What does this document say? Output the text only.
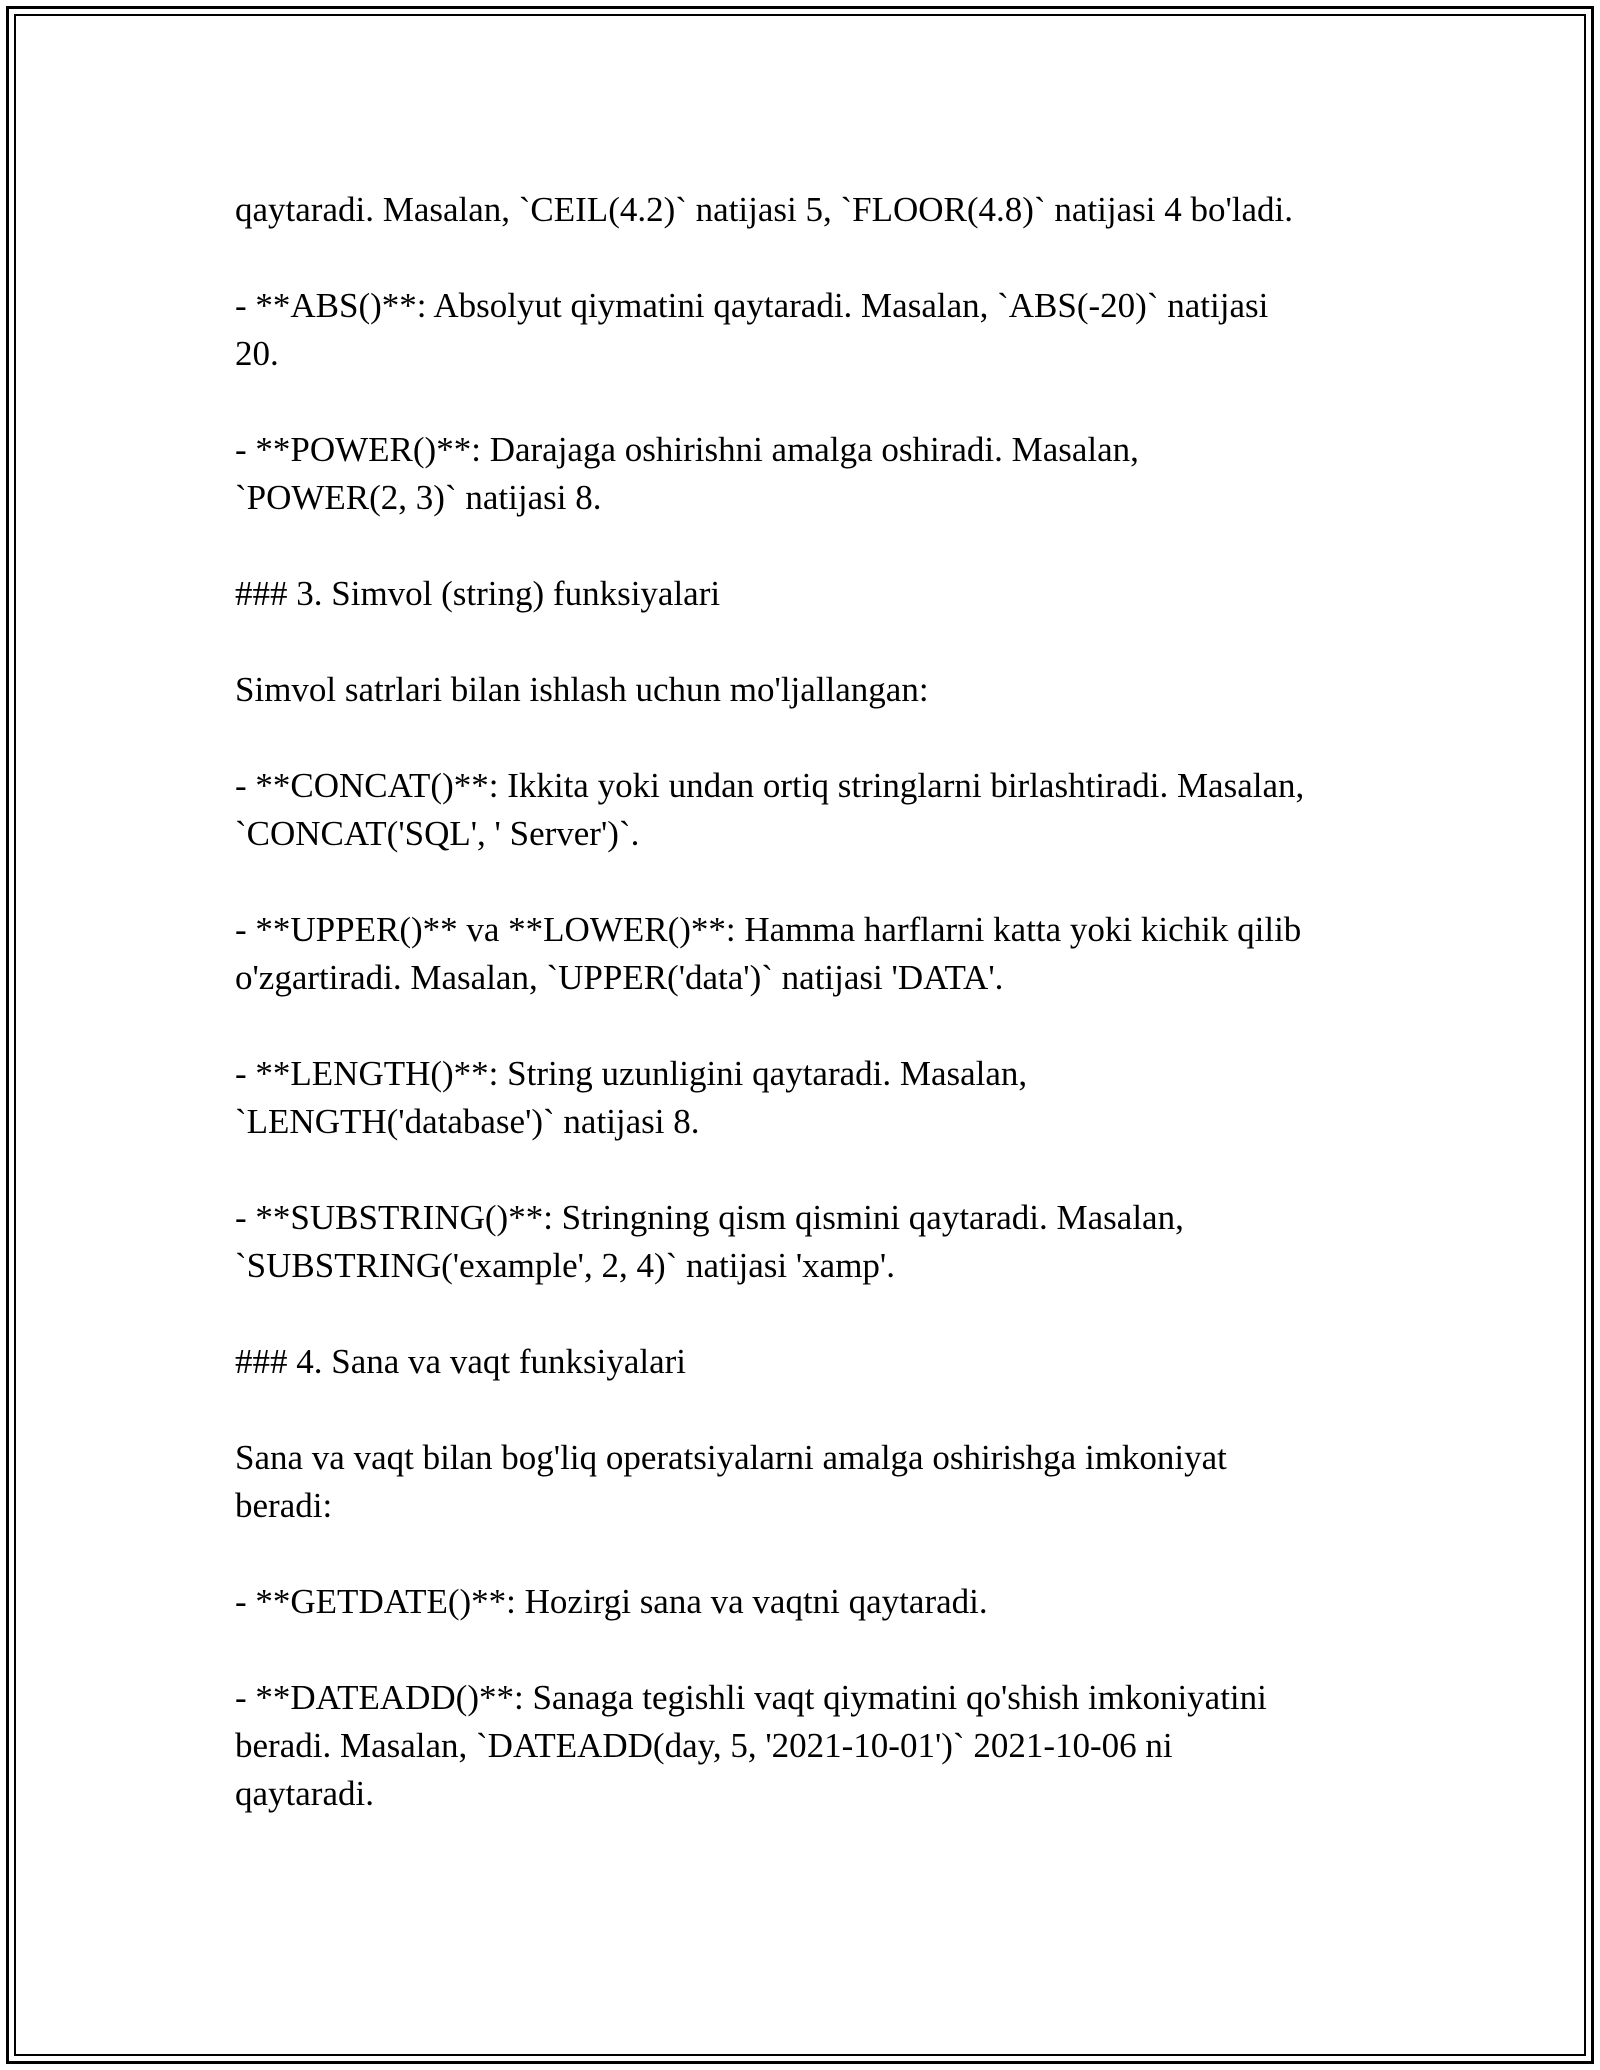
qaytaradi. Masalan, `CEIL(4.2)` natijasi 5, `FLOOR(4.8)` natijasi 4 bo'ladi.

- **ABS()**: Absolyut qiymatini qaytaradi. Masalan, `ABS(-20)` natijasi
20.

- **POWER()**: Darajaga oshirishni amalga oshiradi. Masalan,
`POWER(2, 3)` natijasi 8.

### 3. Simvol (string) funksiyalari

Simvol satrlari bilan ishlash uchun mo'ljallangan:

- **CONCAT()**: Ikkita yoki undan ortiq stringlarni birlashtiradi. Masalan,
`CONCAT('SQL', ' Server')`.

- **UPPER()** va **LOWER()**: Hamma harflarni katta yoki kichik qilib
o'zgartiradi. Masalan, `UPPER('data')` natijasi 'DATA'.

- **LENGTH()**: String uzunligini qaytaradi. Masalan,
`LENGTH('database')` natijasi 8.

- **SUBSTRING()**: Stringning qism qismini qaytaradi. Masalan,
`SUBSTRING('example', 2, 4)` natijasi 'xamp'.

### 4. Sana va vaqt funksiyalari

Sana va vaqt bilan bog'liq operatsiyalarni amalga oshirishga imkoniyat
beradi:

- **GETDATE()**: Hozirgi sana va vaqtni qaytaradi.

- **DATEADD()**: Sanaga tegishli vaqt qiymatini qo'shish imkoniyatini
beradi. Masalan, `DATEADD(day, 5, '2021-10-01')` 2021-10-06 ni
qaytaradi.
